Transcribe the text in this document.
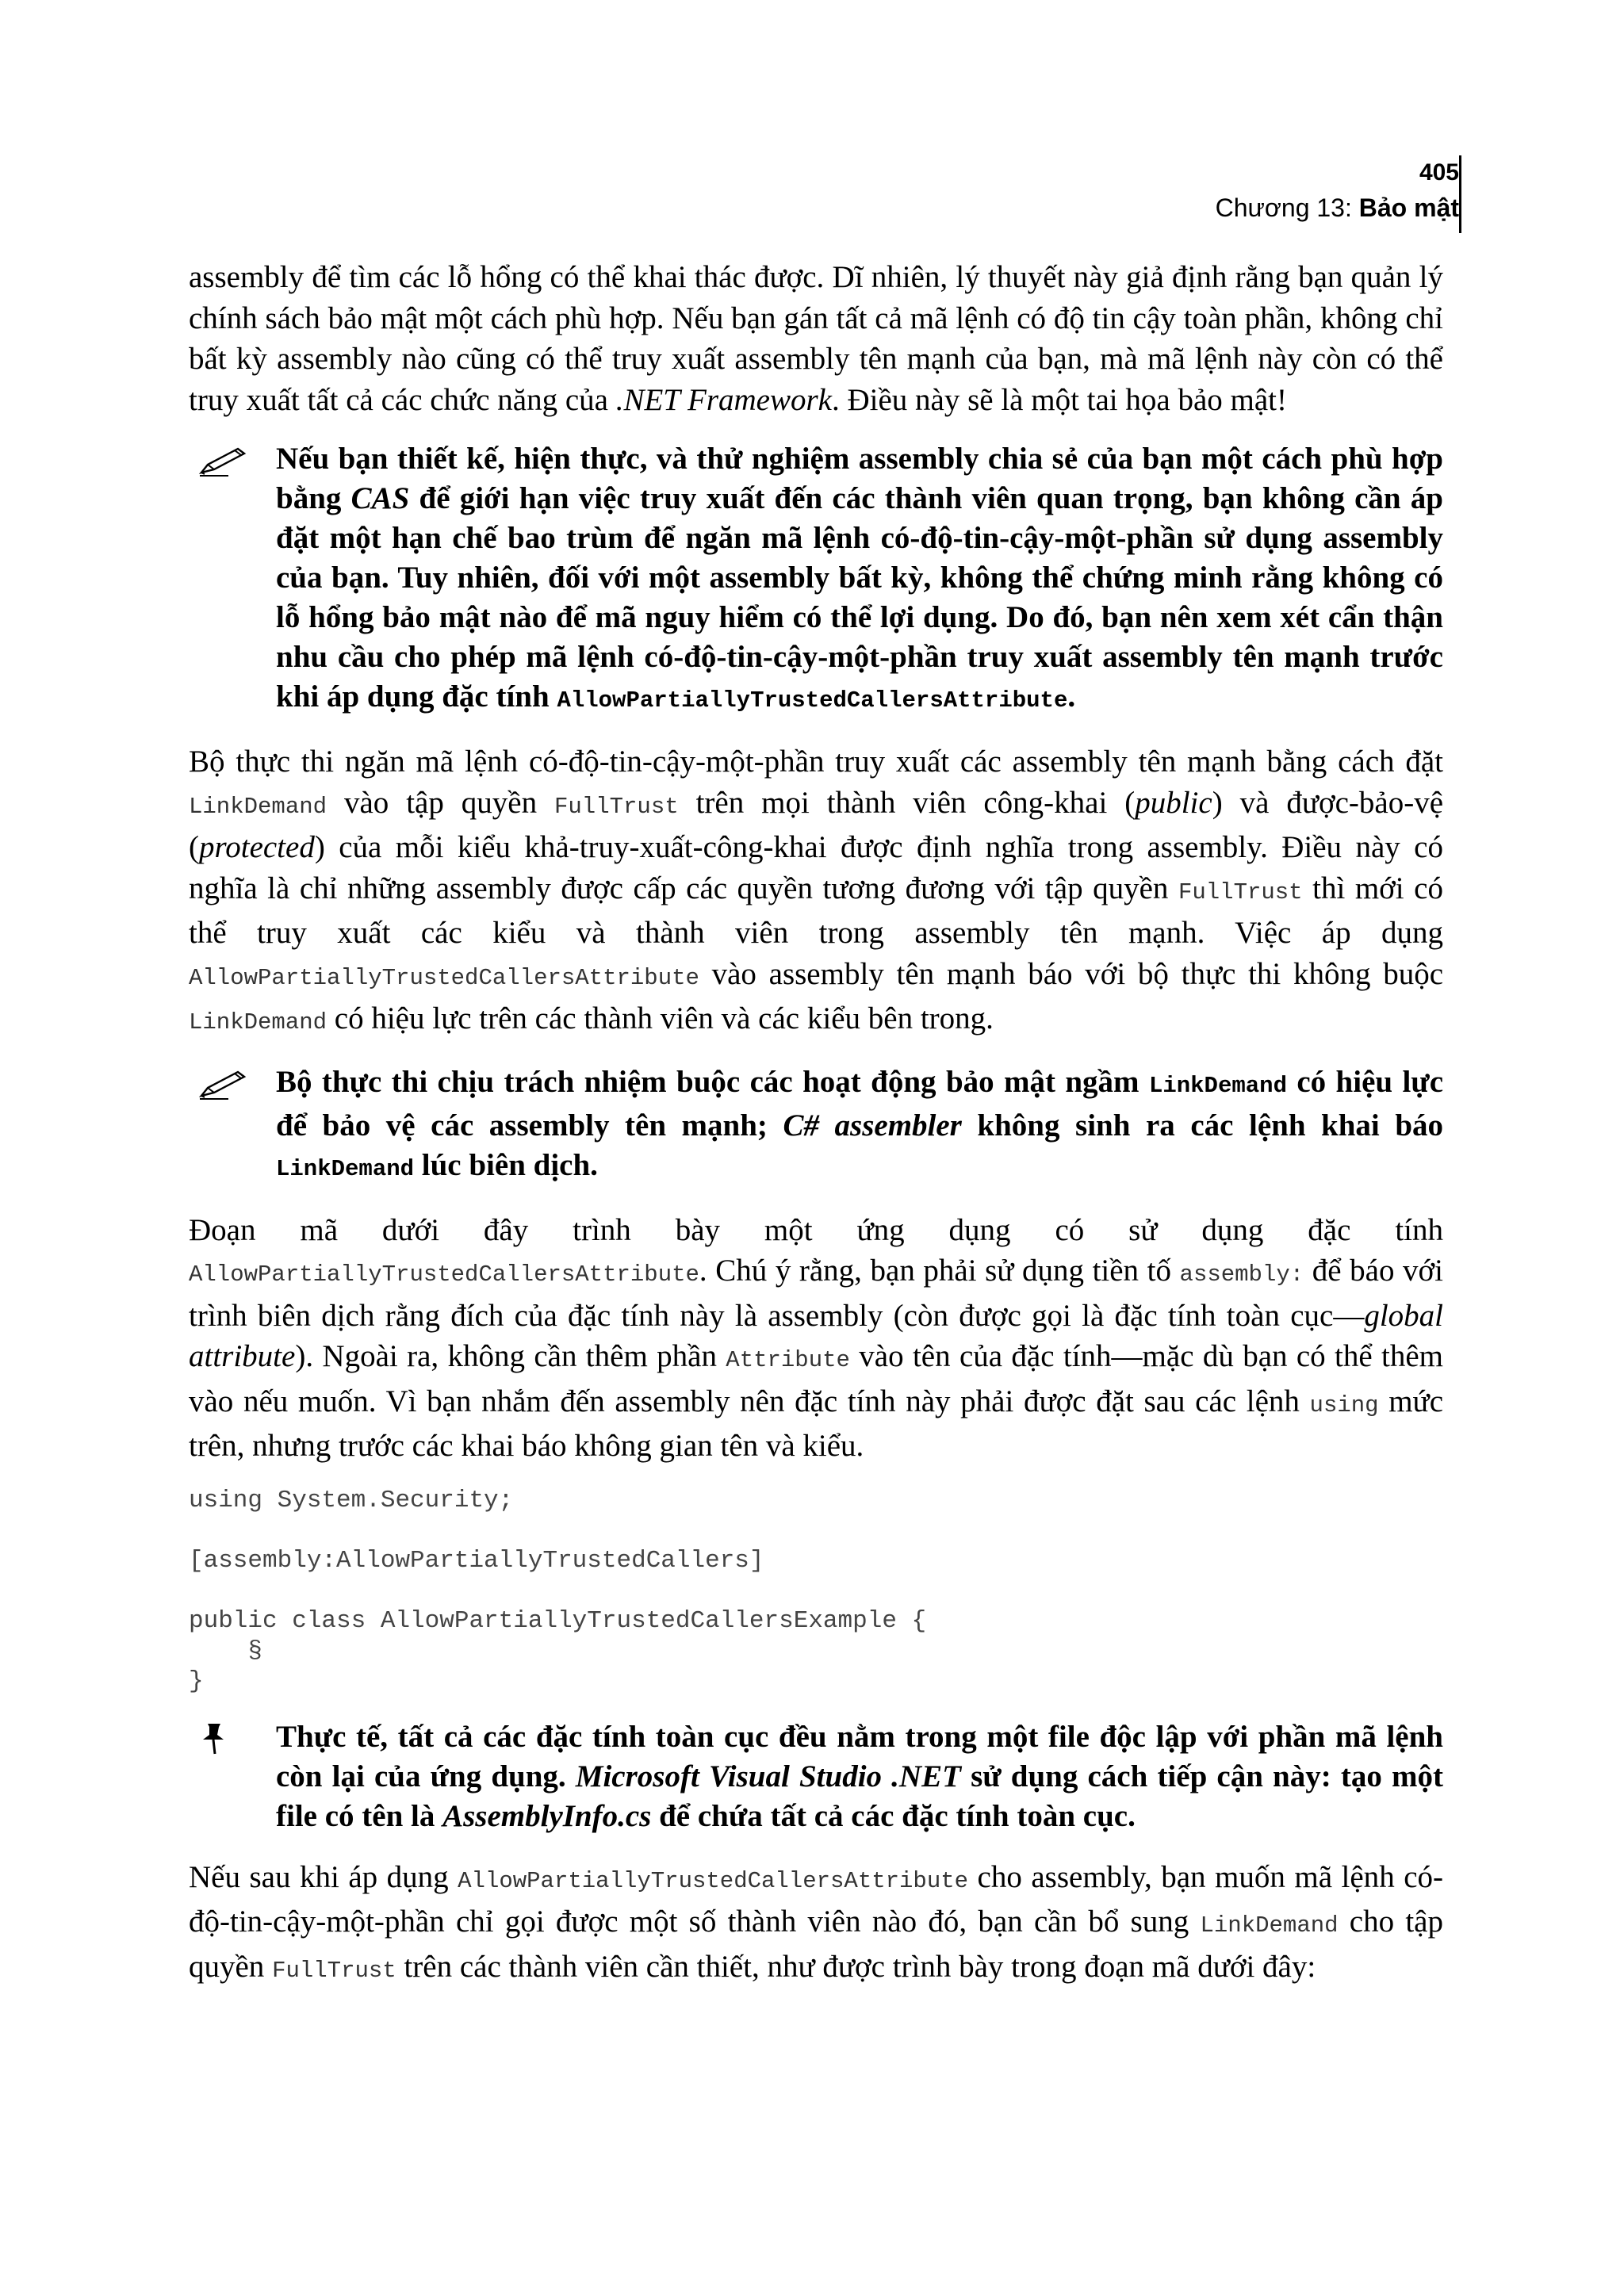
405
Chương 13: Bảo mật

assembly để tìm các lỗ hổng có thể khai thác được. Dĩ nhiên, lý thuyết này giả định rằng bạn quản lý chính sách bảo mật một cách phù hợp. Nếu bạn gán tất cả mã lệnh có độ tin cậy toàn phần, không chỉ bất kỳ assembly nào cũng có thể truy xuất assembly tên mạnh của bạn, mà mã lệnh này còn có thể truy xuất tất cả các chức năng của .NET Framework. Điều này sẽ là một tai họa bảo mật!

Nếu bạn thiết kế, hiện thực, và thử nghiệm assembly chia sẻ của bạn một cách phù hợp bằng CAS để giới hạn việc truy xuất đến các thành viên quan trọng, bạn không cần áp đặt một hạn chế bao trùm để ngăn mã lệnh có-độ-tin-cậy-một-phần sử dụng assembly của bạn. Tuy nhiên, đối với một assembly bất kỳ, không thể chứng minh rằng không có lỗ hổng bảo mật nào để mã nguy hiểm có thể lợi dụng. Do đó, bạn nên xem xét cẩn thận nhu cầu cho phép mã lệnh có-độ-tin-cậy-một-phần truy xuất assembly tên mạnh trước khi áp dụng đặc tính AllowPartiallyTrustedCallersAttribute.

Bộ thực thi ngăn mã lệnh có-độ-tin-cậy-một-phần truy xuất các assembly tên mạnh bằng cách đặt LinkDemand vào tập quyền FullTrust trên mọi thành viên công-khai (public) và được-bảo-vệ (protected) của mỗi kiểu khả-truy-xuất-công-khai được định nghĩa trong assembly. Điều này có nghĩa là chỉ những assembly được cấp các quyền tương đương với tập quyền FullTrust thì mới có thể truy xuất các kiểu và thành viên trong assembly tên mạnh. Việc áp dụng AllowPartiallyTrustedCallersAttribute vào assembly tên mạnh báo với bộ thực thi không buộc LinkDemand có hiệu lực trên các thành viên và các kiểu bên trong.

Bộ thực thi chịu trách nhiệm buộc các hoạt động bảo mật ngầm LinkDemand có hiệu lực để bảo vệ các assembly tên mạnh; C# assembler không sinh ra các lệnh khai báo LinkDemand lúc biên dịch.

Đoạn mã dưới đây trình bày một ứng dụng có sử dụng đặc tính AllowPartiallyTrustedCallersAttribute. Chú ý rằng, bạn phải sử dụng tiền tố assembly: để báo với trình biên dịch rằng đích của đặc tính này là assembly (còn được gọi là đặc tính toàn cục—global attribute). Ngoài ra, không cần thêm phần Attribute vào tên của đặc tính—mặc dù bạn có thể thêm vào nếu muốn. Vì bạn nhắm đến assembly nên đặc tính này phải được đặt sau các lệnh using mức trên, nhưng trước các khai báo không gian tên và kiểu.

using System.Security;

[assembly:AllowPartiallyTrustedCallers]

public class AllowPartiallyTrustedCallersExample {
§
}

Thực tế, tất cả các đặc tính toàn cục đều nằm trong một file độc lập với phần mã lệnh còn lại của ứng dụng. Microsoft Visual Studio .NET sử dụng cách tiếp cận này: tạo một file có tên là AssemblyInfo.cs để chứa tất cả các đặc tính toàn cục.

Nếu sau khi áp dụng AllowPartiallyTrustedCallersAttribute cho assembly, bạn muốn mã lệnh có-độ-tin-cậy-một-phần chỉ gọi được một số thành viên nào đó, bạn cần bổ sung LinkDemand cho tập quyền FullTrust trên các thành viên cần thiết, như được trình bày trong đoạn mã dưới đây:
